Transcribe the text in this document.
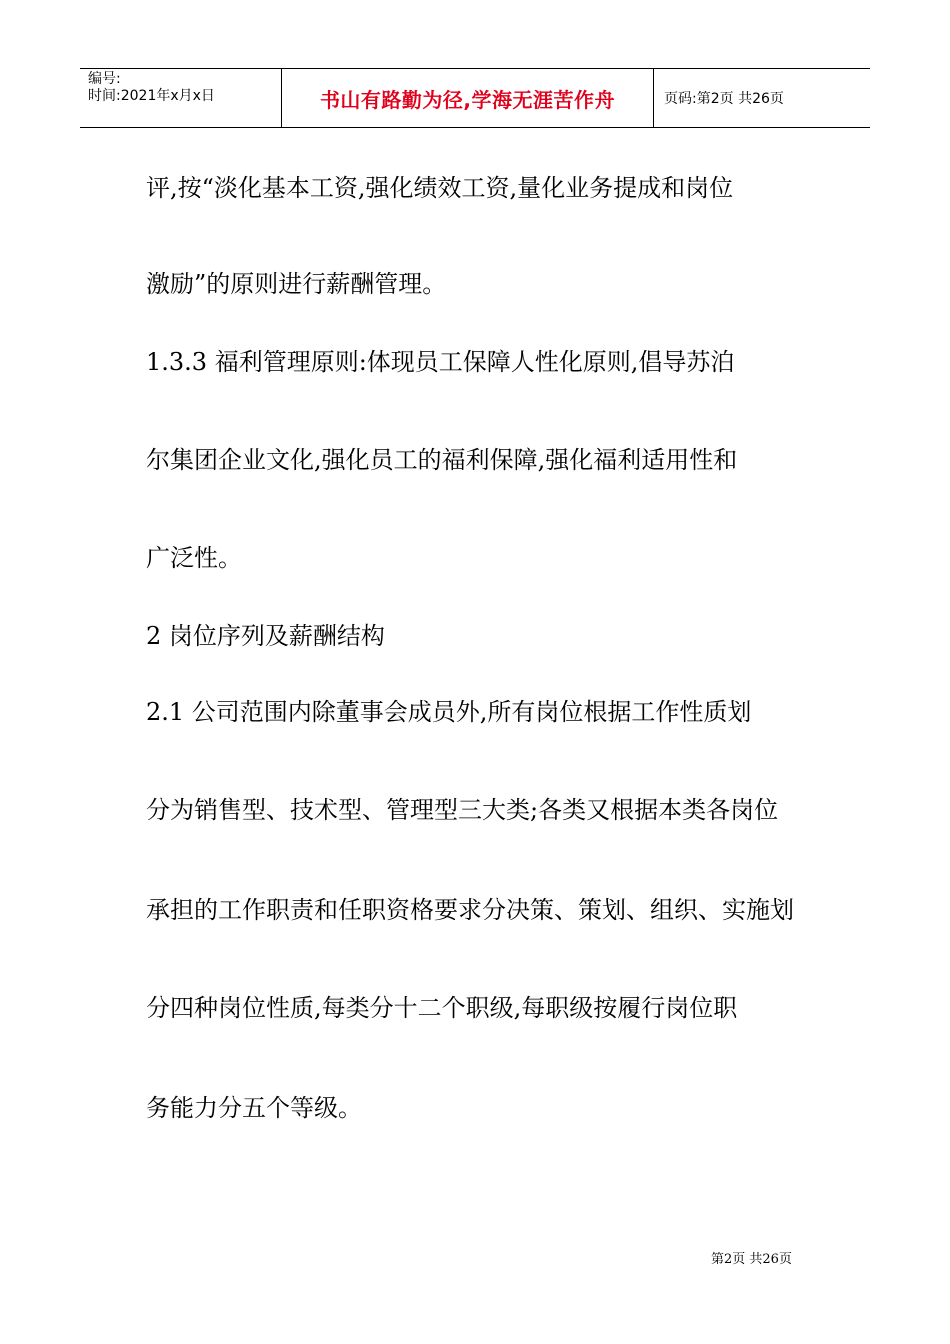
编号:
时间:2021年x月x日	书山有路勤为径,学海无涯苦作舟	页码:第2页 共26页
评,按“淡化基本工资,强化绩效工资,量化业务提成和岗位
激励”的原则进行薪酬管理。
1.3.3 福利管理原则:体现员工保障人性化原则,倡导苏泊
尔集团企业文化,强化员工的福利保障,强化福利适用性和
广泛性。
2 岗位序列及薪酬结构
2.1 公司范围内除董事会成员外,所有岗位根据工作性质划
分为销售型、技术型、管理型三大类;各类又根据本类各岗位
承担的工作职责和任职资格要求分决策、策划、组织、实施划
分四种岗位性质,每类分十二个职级,每职级按履行岗位职
务能力分五个等级。
第2页 共26页
